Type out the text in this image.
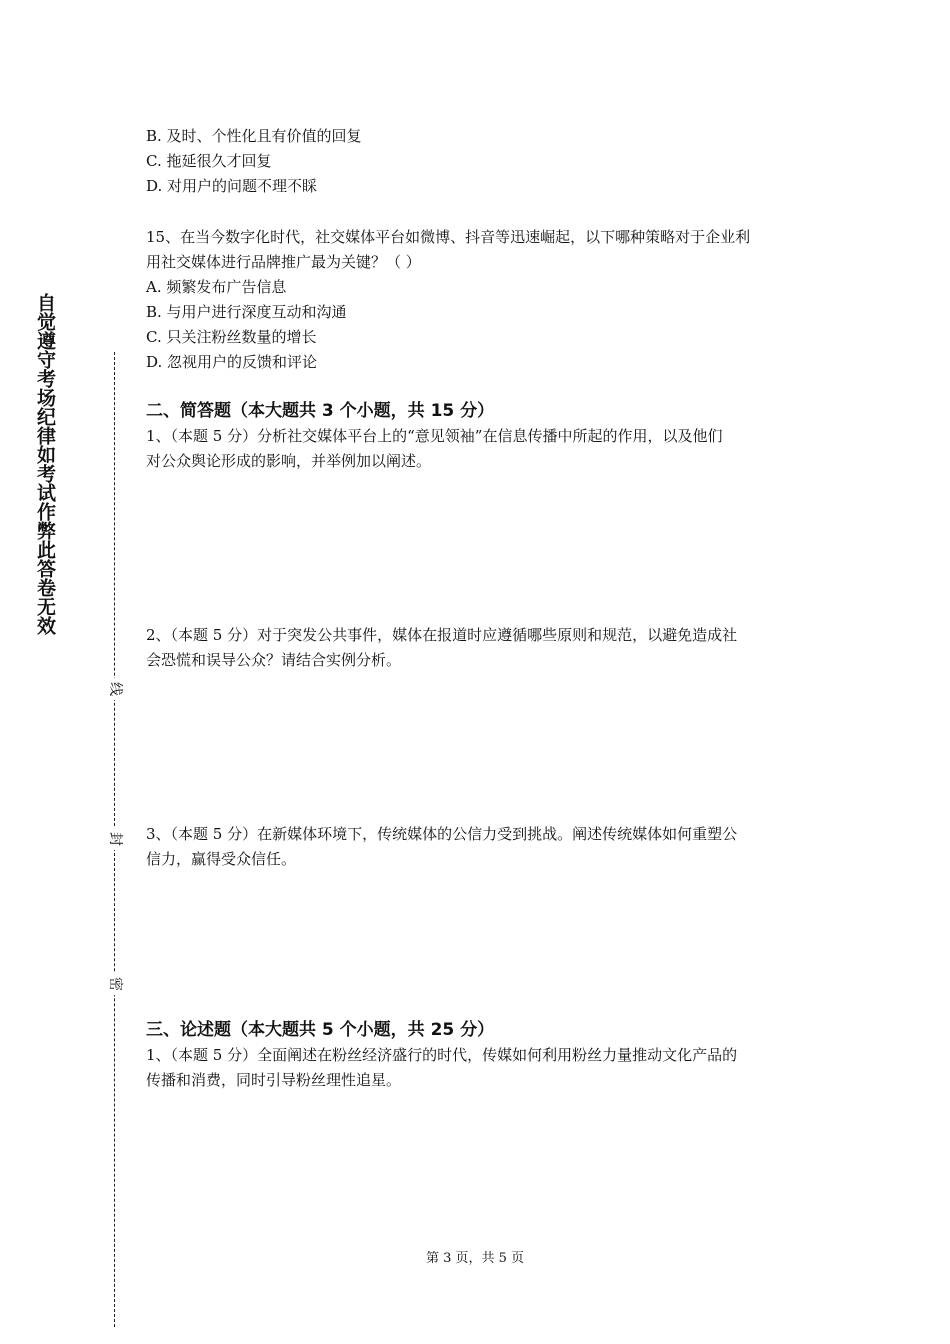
自觉遵守考场纪律如考试作弊此答卷无效
线
封
密
B. 及时、个性化且有价值的回复
C. 拖延很久才回复
D. 对用户的问题不理不睬
15、在当今数字化时代，社交媒体平台如微博、抖音等迅速崛起，以下哪种策略对于企业利
用社交媒体进行品牌推广最为关键？（ ）
A. 频繁发布广告信息
B. 与用户进行深度互动和沟通
C. 只关注粉丝数量的增长
D. 忽视用户的反馈和评论
二、简答题（本大题共 3 个小题，共 15 分）
1、（本题 5 分）分析社交媒体平台上的“意见领袖”在信息传播中所起的作用，以及他们
对公众舆论形成的影响，并举例加以阐述。
2、（本题 5 分）对于突发公共事件，媒体在报道时应遵循哪些原则和规范，以避免造成社
会恐慌和误导公众？请结合实例分析。
3、（本题 5 分）在新媒体环境下，传统媒体的公信力受到挑战。阐述传统媒体如何重塑公
信力，赢得受众信任。
三、论述题（本大题共 5 个小题，共 25 分）
1、（本题 5 分）全面阐述在粉丝经济盛行的时代，传媒如何利用粉丝力量推动文化产品的
传播和消费，同时引导粉丝理性追星。
第 3 页，共 5 页
